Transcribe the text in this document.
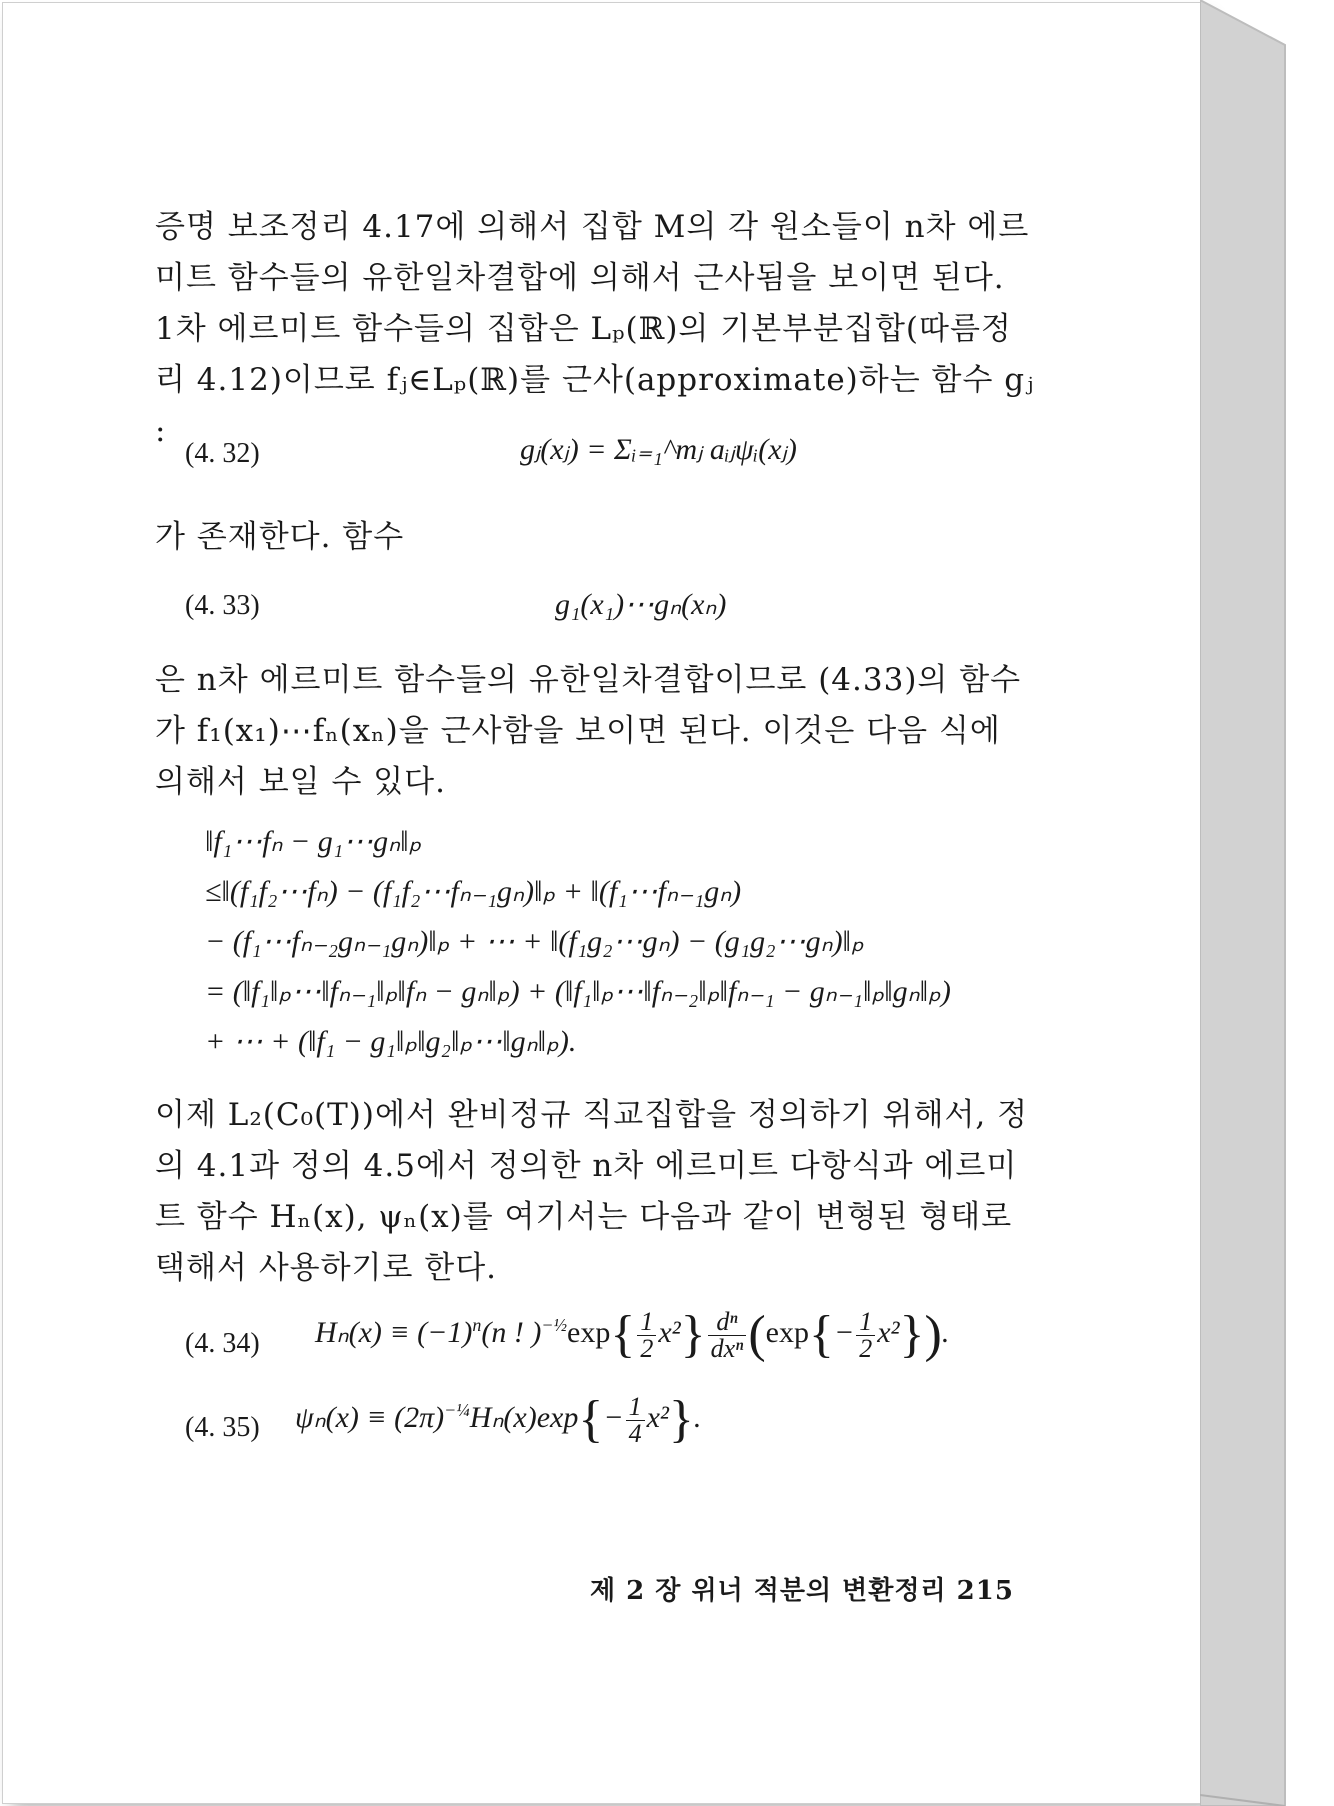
증명 보조정리 4.17에 의해서 집합 M의 각 원소들이 n차 에르미트 함수들의 유한일차결합에 의해서 근사됨을 보이면 된다. 1차 에르미트 함수들의 집합은 Lₚ(ℝ)의 기본부분집합(따름정리 4.12)이므로 fⱼ∈Lₚ(ℝ)를 근사(approximate)하는 함수 gⱼ :

(4. 32)	gⱼ(xⱼ) = Σᵢ₌₁^mⱼ aᵢⱼψᵢ(xⱼ)

가 존재한다. 함수

(4. 33)	g₁(x₁)⋯gₙ(xₙ)

은 n차 에르미트 함수들의 유한일차결합이므로 (4.33)의 함수가 f₁(x₁)⋯fₙ(xₙ)을 근사함을 보이면 된다. 이것은 다음 식에 의해서 보일 수 있다.

‖f₁⋯fₙ − g₁⋯gₙ‖ₚ
≤‖(f₁f₂⋯fₙ) − (f₁f₂⋯fₙ₋₁gₙ)‖ₚ + ‖(f₁⋯fₙ₋₁gₙ)
− (f₁⋯fₙ₋₂gₙ₋₁gₙ)‖ₚ + ⋯ + ‖(f₁g₂⋯gₙ) − (g₁g₂⋯gₙ)‖ₚ
= (‖f₁‖ₚ⋯‖fₙ₋₁‖ₚ‖fₙ − gₙ‖ₚ) + (‖f₁‖ₚ⋯‖fₙ₋₂‖ₚ‖fₙ₋₁ − gₙ₋₁‖ₚ‖gₙ‖ₚ)
+ ⋯ + (‖f₁ − g₁‖ₚ‖g₂‖ₚ⋯‖gₙ‖ₚ).

이제 L₂(C₀(T))에서 완비정규 직교집합을 정의하기 위해서, 정의 4.1과 정의 4.5에서 정의한 n차 에르미트 다항식과 에르미트 함수 Hₙ(x), ψₙ(x)를 여기서는 다음과 같이 변형된 형태로 택해서 사용하기로 한다.

(4. 34) $H_n(x) \equiv (-1)^n(n$ ! )$^{-\frac{1}{2}}\exp\{ \frac{1}{2} x^2\} \frac{\text{dⁿ}}{\text{dxⁿ}} (\exp\{- \frac{1}{2} x^2\})$.
(4. 35) $\psi_n(x) \equiv (2\pi)^{-\frac{1}{4}}H_n(x)\exp\{- \frac{1}{4} x^2\}$.
제 2 장 위너 적분의 변환정리 215
